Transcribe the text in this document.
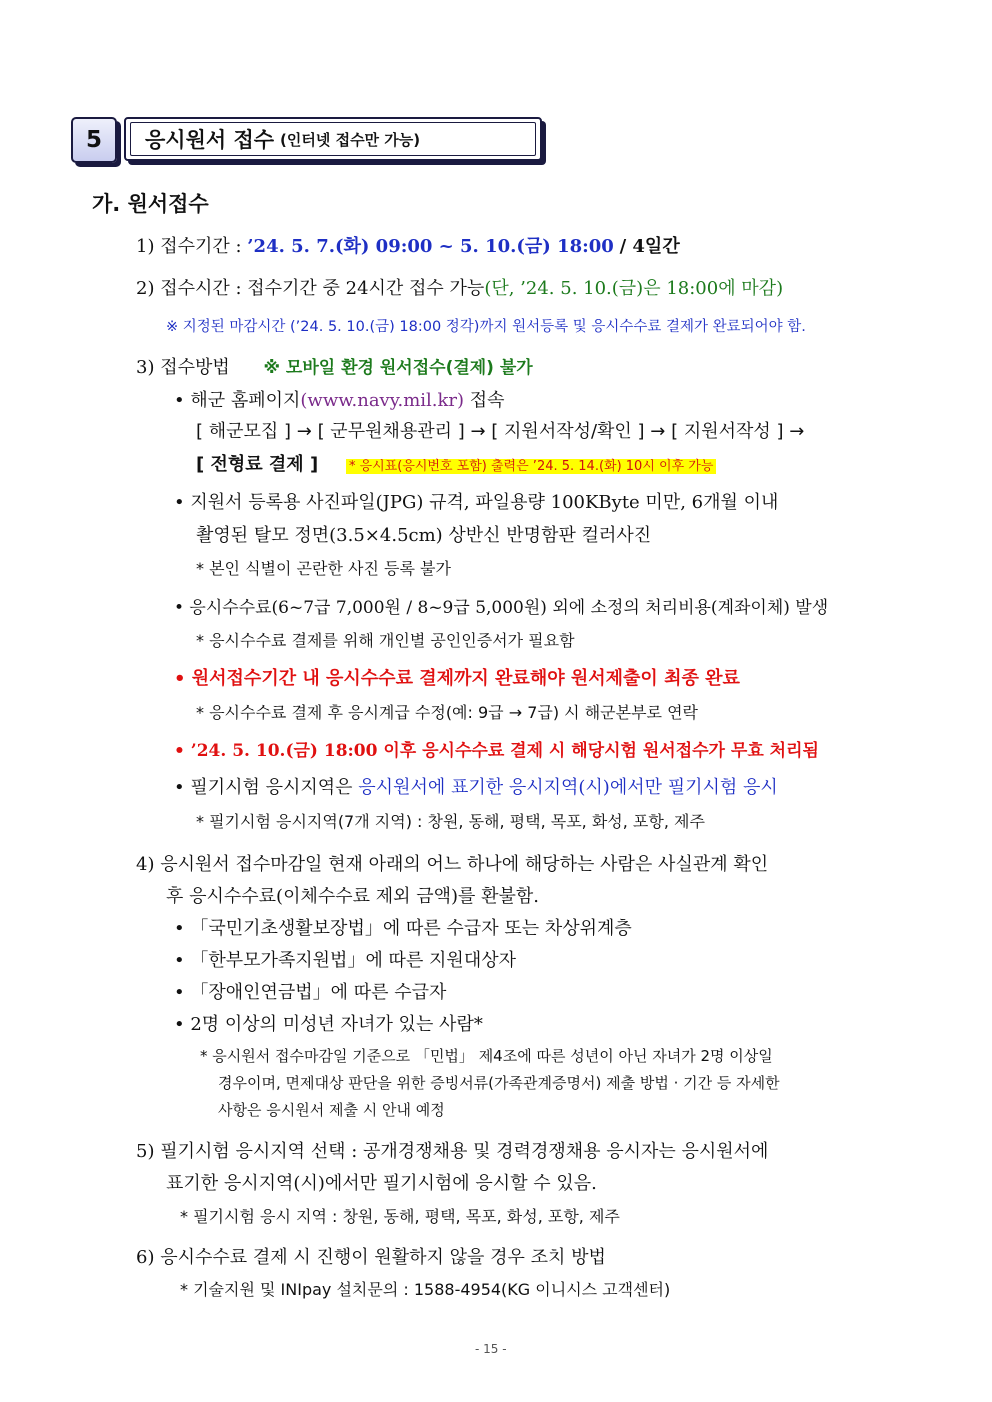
5	응시원서 접수 (인터넷 접수만 가능)
가. 원서접수
1) 접수기간 : ’24. 5. 7.(화) 09:00 ~ 5. 10.(금) 18:00 / 4일간
2) 접수시간 : 접수기간 중 24시간 접수 가능(단, ’24. 5. 10.(금)은 18:00에 마감)
※ 지정된 마감시간 (’24. 5. 10.(금) 18:00 정각)까지 원서등록 및 응시수수료 결제가 완료되어야 함.
3) 접수방법 ※ 모바일 환경 원서접수(결제) 불가
• 해군 홈페이지(www.navy.mil.kr) 접속
[ 해군모집 ] → [ 군무원채용관리 ] → [ 지원서작성/확인 ] → [ 지원서작성 ] →
[ 전형료 결제 ] * 응시표(응시번호 포함) 출력은 ’24. 5. 14.(화) 10시 이후 가능
• 지원서 등록용 사진파일(JPG) 규격, 파일용량 100KByte 미만, 6개월 이내
촬영된 탈모 정면(3.5×4.5cm) 상반신 반명함판 컬러사진
* 본인 식별이 곤란한 사진 등록 불가
• 응시수수료(6~7급 7,000원 / 8~9급 5,000원) 외에 소정의 처리비용(계좌이체) 발생
* 응시수수료 결제를 위해 개인별 공인인증서가 필요함
• 원서접수기간 내 응시수수료 결제까지 완료해야 원서제출이 최종 완료
* 응시수수료 결제 후 응시계급 수정(예: 9급 → 7급) 시 해군본부로 연락
• ’24. 5. 10.(금) 18:00 이후 응시수수료 결제 시 해당시험 원서접수가 무효 처리됨
• 필기시험 응시지역은 응시원서에 표기한 응시지역(시)에서만 필기시험 응시
* 필기시험 응시지역(7개 지역) : 창원, 동해, 평택, 목포, 화성, 포항, 제주
4) 응시원서 접수마감일 현재 아래의 어느 하나에 해당하는 사람은 사실관계 확인
후 응시수수료(이체수수료 제외 금액)를 환불함.
• 「국민기초생활보장법」에 따른 수급자 또는 차상위계층
• 「한부모가족지원법」에 따른 지원대상자
• 「장애인연금법」에 따른 수급자
• 2명 이상의 미성년 자녀가 있는 사람*
* 응시원서 접수마감일 기준으로 「민법」 제4조에 따른 성년이 아닌 자녀가 2명 이상일
경우이며, 면제대상 판단을 위한 증빙서류(가족관계증명서) 제출 방법 · 기간 등 자세한
사항은 응시원서 제출 시 안내 예정
5) 필기시험 응시지역 선택 : 공개경쟁채용 및 경력경쟁채용 응시자는 응시원서에
표기한 응시지역(시)에서만 필기시험에 응시할 수 있음.
* 필기시험 응시 지역 : 창원, 동해, 평택, 목포, 화성, 포항, 제주
6) 응시수수료 결제 시 진행이 원활하지 않을 경우 조치 방법
* 기술지원 및 INIpay 설치문의 : 1588-4954(KG 이니시스 고객센터)
- 15 -
